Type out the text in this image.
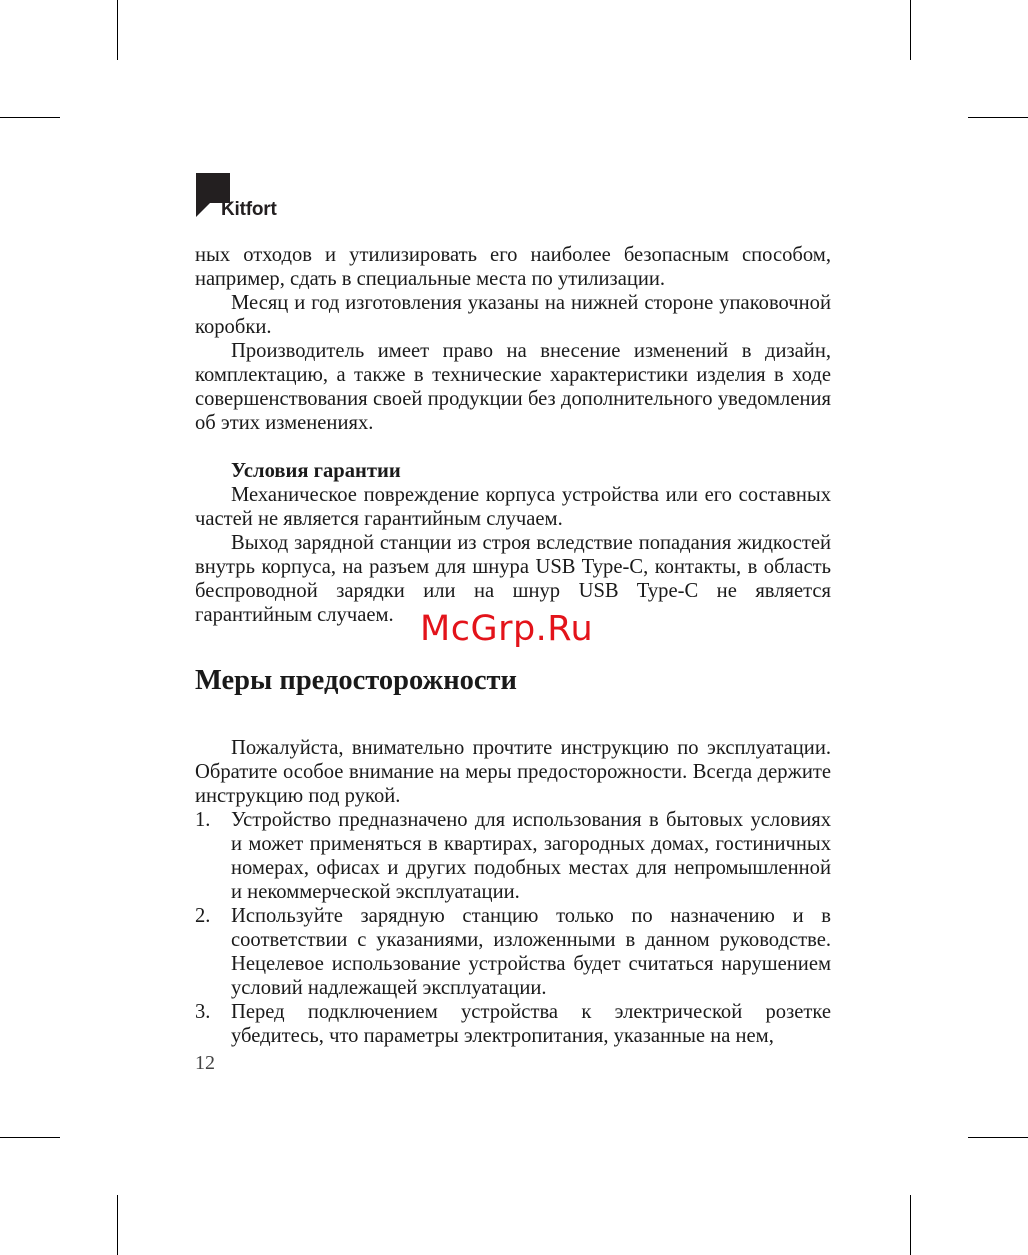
Kitfort

ных отходов и утилизировать его наиболее безопасным способом, например, сдать в специальные места по утилизации.

Месяц и год изготовления указаны на нижней стороне упаковочной коробки.

Производитель имеет право на внесение изменений в дизайн, комплектацию, а также в технические характеристики изделия в ходе совершенствования своей продукции без дополнительного уведомления об этих изменениях.

Условия гарантии

Механическое повреждение корпуса устройства или его составных частей не является гарантийным случаем.

Выход зарядной станции из строя вследствие попадания жидкостей внутрь корпуса, на разъем для шнура USB Type-C, контакты, в область беспроводной зарядки или на шнур USB Type-C не является гарантийным случаем.

Меры предосторожности

Пожалуйста, внимательно прочтите инструкцию по эксплуатации. Обратите особое внимание на меры предосторожности. Всегда держите инструкцию под рукой.

1. Устройство предназначено для использования в бытовых условиях и может применяться в квартирах, загородных домах, гостиничных номерах, офисах и других подобных местах для непромышленной и некоммерческой эксплуатации.
2. Используйте зарядную станцию только по назначению и в соответствии с указаниями, изложенными в данном руководстве. Нецелевое использование устройства будет считаться нарушением условий надлежащей эксплуатации.
3. Перед подключением устройства к электрической розетке убедитесь, что параметры электропитания, указанные на нем,
McGrp.Ru
12
